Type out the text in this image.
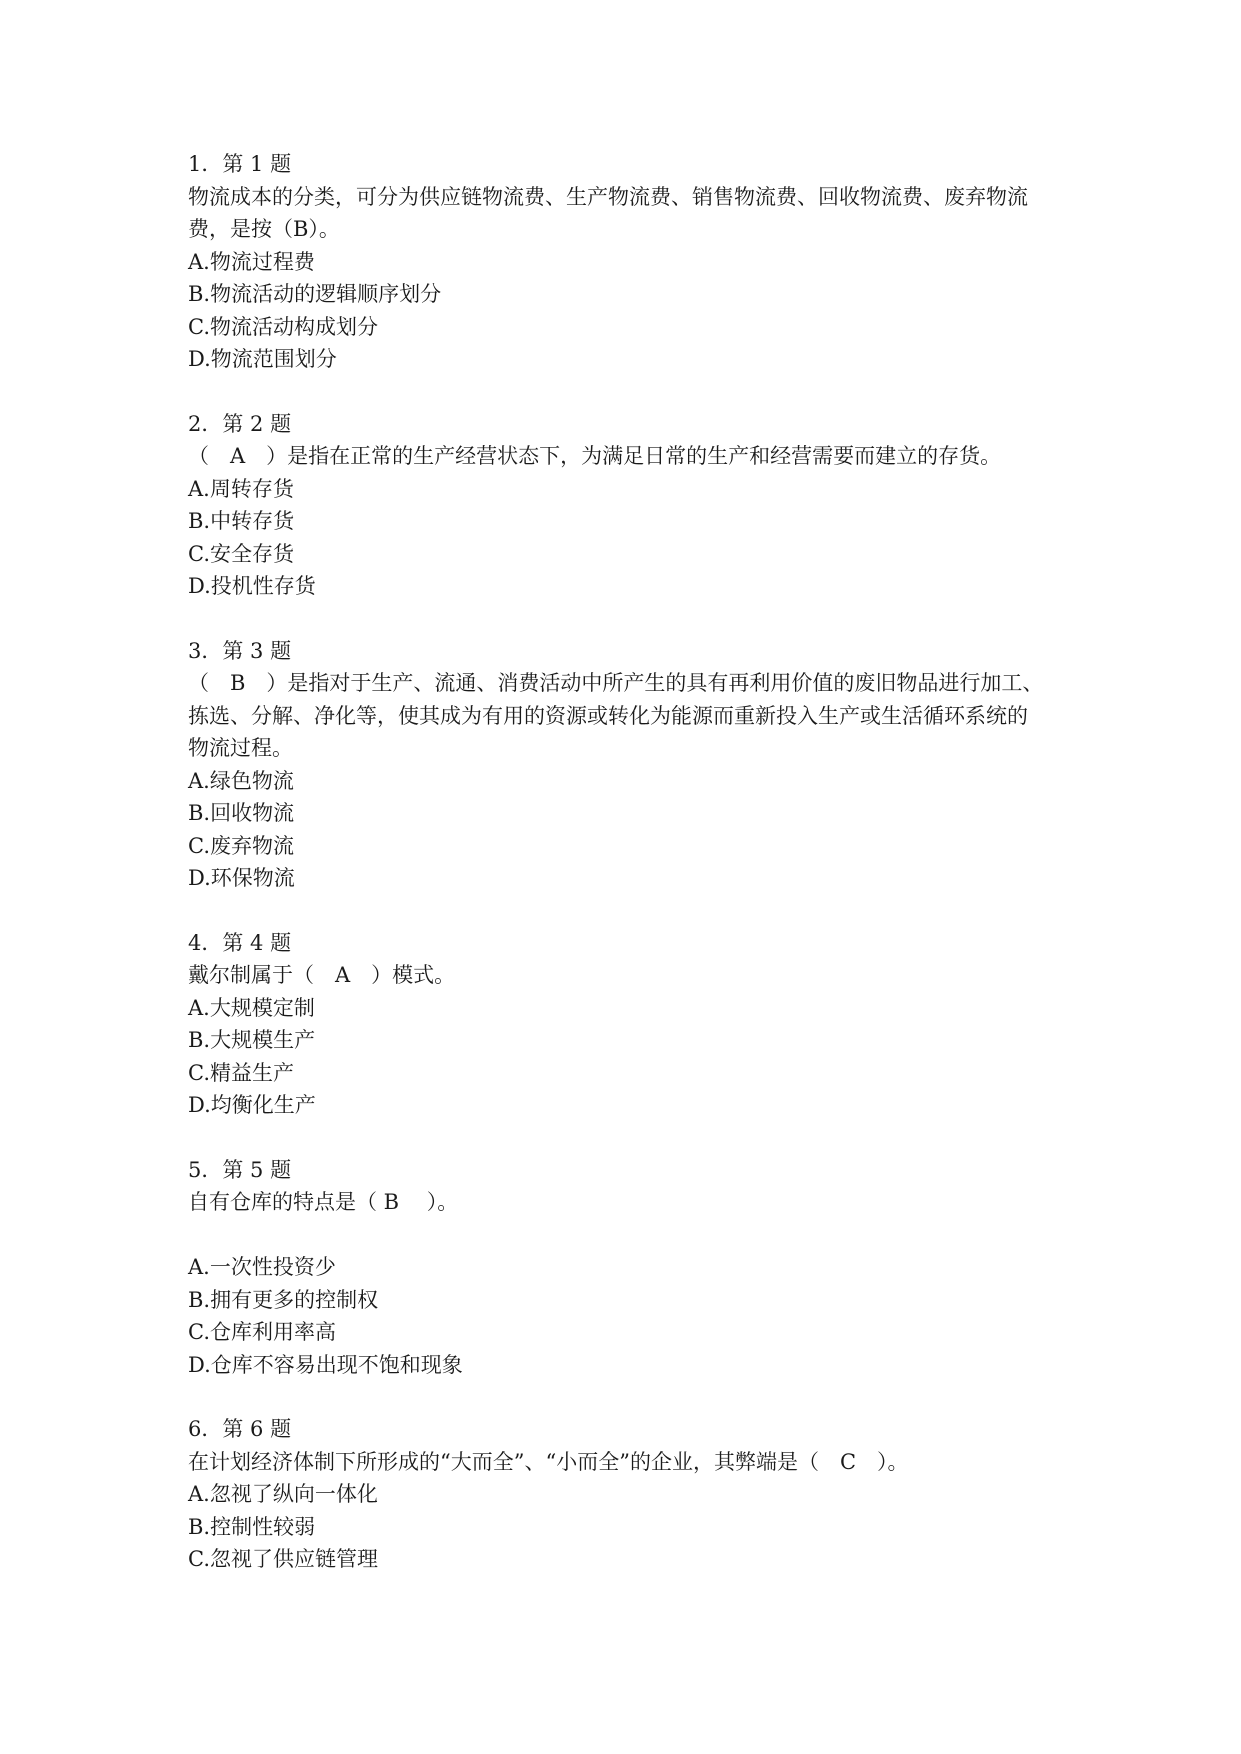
1．第 1 题
物流成本的分类，可分为供应链物流费、生产物流费、销售物流费、回收物流费、废弃物流
费，是按（B）。
A.物流过程费
B.物流活动的逻辑顺序划分
C.物流活动构成划分
D.物流范围划分
2．第 2 题
（　A　）是指在正常的生产经营状态下，为满足日常的生产和经营需要而建立的存货。
A.周转存货
B.中转存货
C.安全存货
D.投机性存货
3．第 3 题
（　B　）是指对于生产、流通、消费活动中所产生的具有再利用价值的废旧物品进行加工、
拣选、分解、净化等，使其成为有用的资源或转化为能源而重新投入生产或生活循环系统的
物流过程。
A.绿色物流
B.回收物流
C.废弃物流
D.环保物流
4．第 4 题
戴尔制属于（　A　）模式。
A.大规模定制
B.大规模生产
C.精益生产
D.均衡化生产
5．第 5 题
自有仓库的特点是（ B　 ）。
A.一次性投资少
B.拥有更多的控制权
C.仓库利用率高
D.仓库不容易出现不饱和现象
6．第 6 题
在计划经济体制下所形成的“大而全”、“小而全”的企业，其弊端是（　C　）。
A.忽视了纵向一体化
B.控制性较弱
C.忽视了供应链管理
